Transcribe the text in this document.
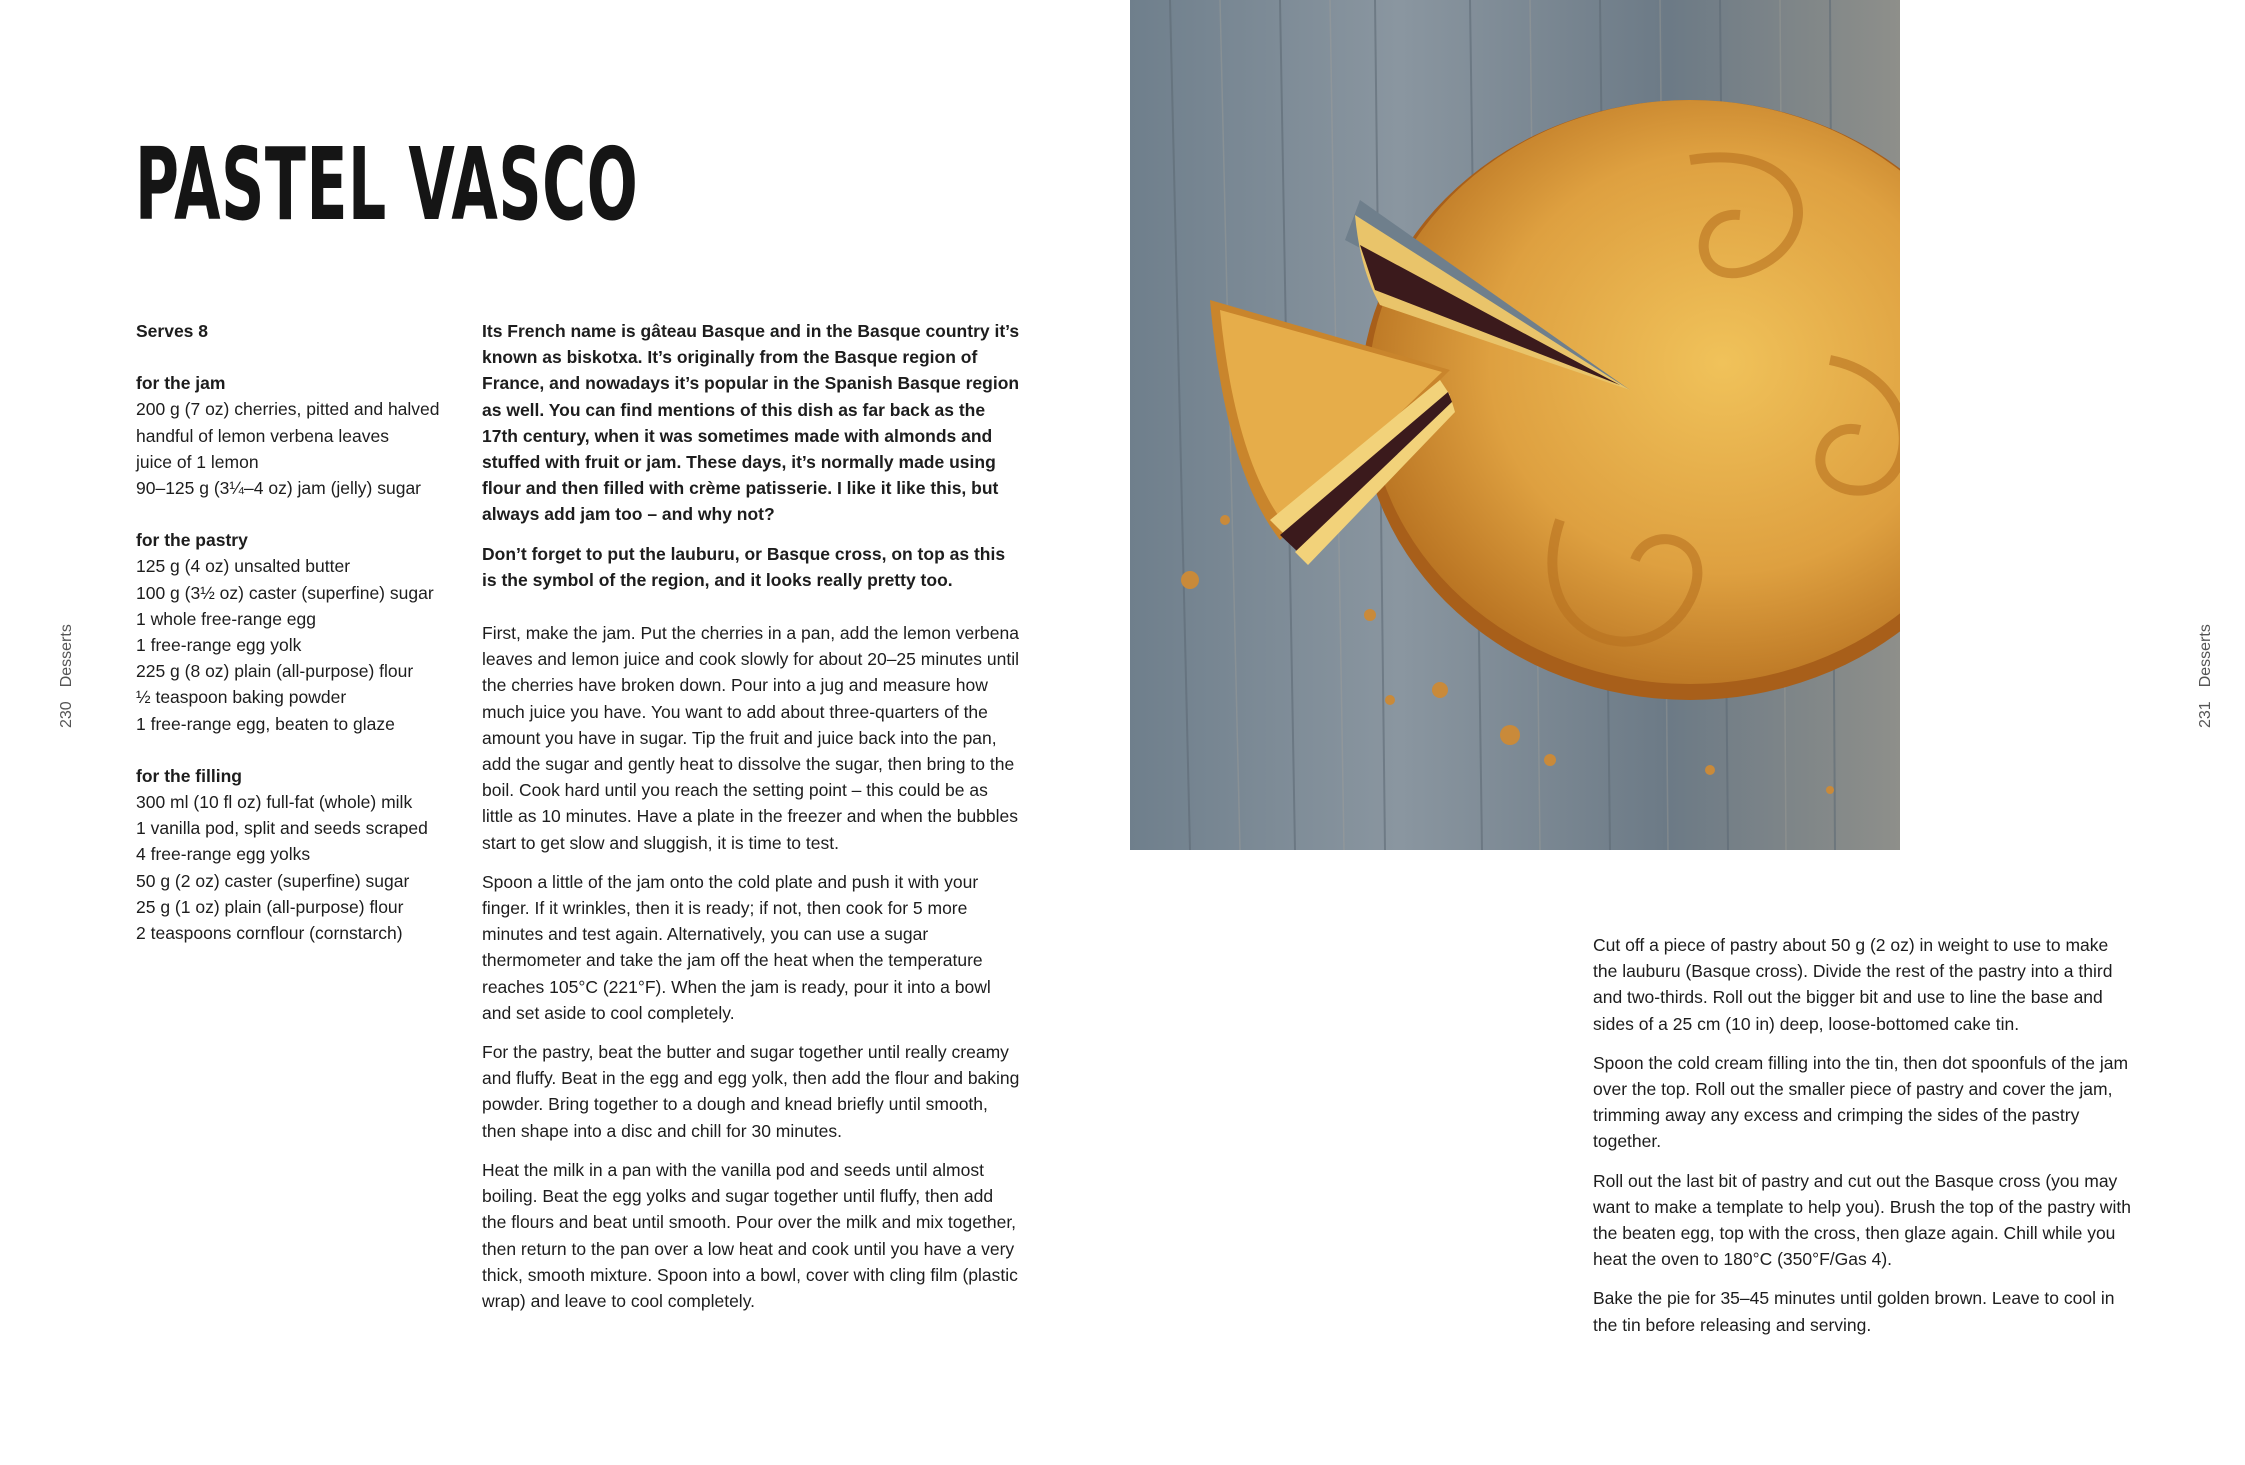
PASTEL VASCO
230Desserts

Serves 8

for the jam

200 g (7 oz) cherries, pitted and halved
handful of lemon verbena leaves
juice of 1 lemon
90–125 g (3¼–4 oz) jam (jelly) sugar

for the pastry

125 g (4 oz) unsalted butter
100 g (3½ oz) caster (superfine) sugar
1 whole free-range egg
1 free-range egg yolk
225 g (8 oz) plain (all-purpose) flour
½ teaspoon baking powder
1 free-range egg, beaten to glaze

for the filling

300 ml (10 fl oz) full-fat (whole) milk
1 vanilla pod, split and seeds scraped
4 free-range egg yolks
50 g (2 oz) caster (superfine) sugar
25 g (1 oz) plain (all-purpose) flour
2 teaspoons cornflour (cornstarch)

Its French name is gâteau Basque and in the Basque country it’s known as biskotxa. It’s originally from the Basque region of France, and nowadays it’s popular in the Spanish Basque region as well. You can find mentions of this dish as far back as the 17th century, when it was sometimes made with almonds and stuffed with fruit or jam. These days, it’s normally made using flour and then filled with crème patisserie. I like it like this, but always add jam too – and why not?

Don’t forget to put the lauburu, or Basque cross, on top as this is the symbol of the region, and it looks really pretty too.

First, make the jam. Put the cherries in a pan, add the lemon verbena leaves and lemon juice and cook slowly for about 20–25 minutes until the cherries have broken down. Pour into a jug and measure how much juice you have. You want to add about three-quarters of the amount you have in sugar. Tip the fruit and juice back into the pan, add the sugar and gently heat to dissolve the sugar, then bring to the boil. Cook hard until you reach the setting point – this could be as little as 10 minutes. Have a plate in the freezer and when the bubbles start to get slow and sluggish, it is time to test.

Spoon a little of the jam onto the cold plate and push it with your finger. If it wrinkles, then it is ready; if not, then cook for 5 more minutes and test again. Alternatively, you can use a sugar thermometer and take the jam off the heat when the temperature reaches 105°C (221°F). When the jam is ready, pour it into a bowl and set aside to cool completely.

For the pastry, beat the butter and sugar together until really creamy and fluffy. Beat in the egg and egg yolk, then add the flour and baking powder. Bring together to a dough and knead briefly until smooth, then shape into a disc and chill for 30 minutes.

Heat the milk in a pan with the vanilla pod and seeds until almost boiling. Beat the egg yolks and sugar together until fluffy, then add the flours and beat until smooth. Pour over the milk and mix together, then return to the pan over a low heat and cook until you have a very thick, smooth mixture. Spoon into a bowl, cover with cling film (plastic wrap) and leave to cool completely.

231Desserts

Cut off a piece of pastry about 50 g (2 oz) in weight to use to make the lauburu (Basque cross). Divide the rest of the pastry into a third and two-thirds. Roll out the bigger bit and use to line the base and sides of a 25 cm (10 in) deep, loose-bottomed cake tin.

Spoon the cold cream filling into the tin, then dot spoonfuls of the jam over the top. Roll out the smaller piece of pastry and cover the jam, trimming away any excess and crimping the sides of the pastry together.

Roll out the last bit of pastry and cut out the Basque cross (you may want to make a template to help you). Brush the top of the pastry with the beaten egg, top with the cross, then glaze again. Chill while you heat the oven to 180°C (350°F/Gas 4).

Bake the pie for 35–45 minutes until golden brown. Leave to cool in the tin before releasing and serving.
